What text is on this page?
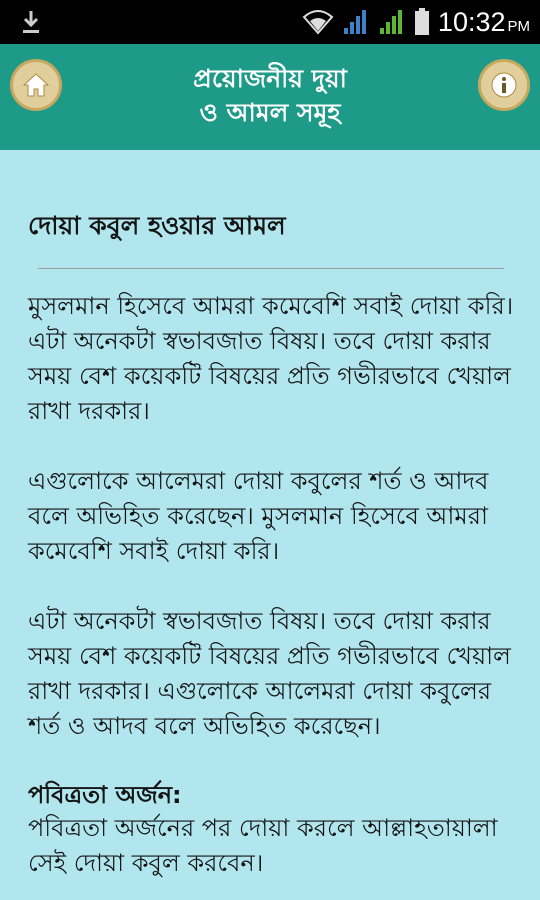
10:32 PM
প্রয়োজনীয় দুয়া
ও আমল সমূহ
দোয়া কবুল হওয়ার আমল

মুসলমান হিসেবে আমরা কমেবেশি সবাই দোয়া করি। এটা অনেকটা স্বভাবজাত বিষয়। তবে দোয়া করার সময় বেশ কয়েকটি বিষয়ের প্রতি গভীরভাবে খেয়াল রাখা দরকার।

এগুলোকে আলেমরা দোয়া কবুলের শর্ত ও আদব বলে অভিহিত করেছেন। মুসলমান হিসেবে আমরা কমেবেশি সবাই দোয়া করি।

এটা অনেকটা স্বভাবজাত বিষয়। তবে দোয়া করার সময় বেশ কয়েকটি বিষয়ের প্রতি গভীরভাবে খেয়াল রাখা দরকার। এগুলোকে আলেমরা দোয়া কবুলের শর্ত ও আদব বলে অভিহিত করেছেন।

পবিত্রতা অর্জন:

পবিত্রতা অর্জনের পর দোয়া করলে আল্লাহতায়ালা সেই দোয়া কবুল করবেন।
